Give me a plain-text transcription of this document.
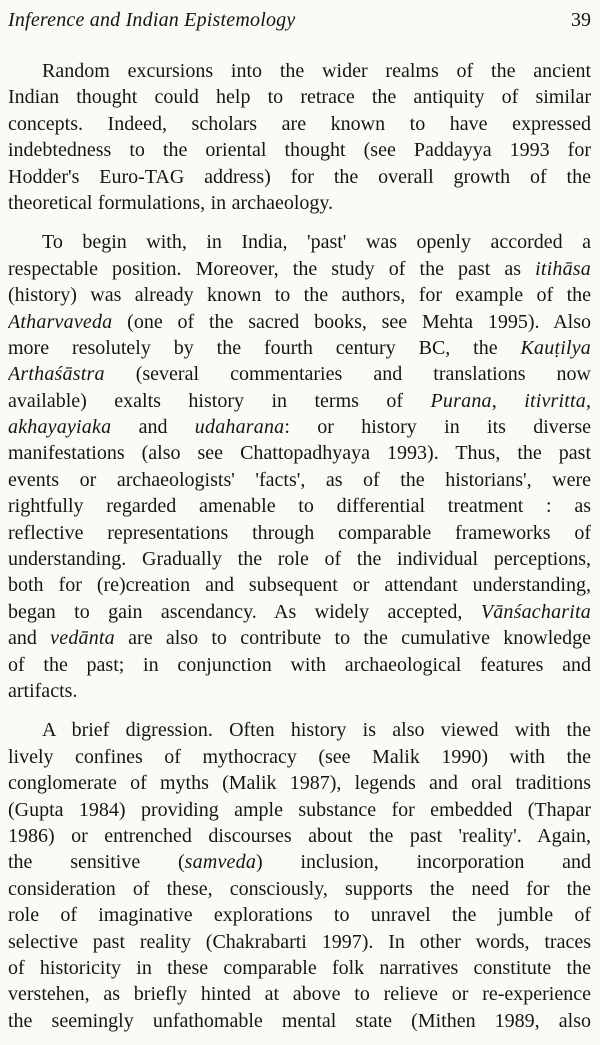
Inference and Indian Epistemology	39
Random excursions into the wider realms of the ancient
Indian thought could help to retrace the antiquity of similar
concepts. Indeed, scholars are known to have expressed
indebtedness to the oriental thought (see Paddayya 1993 for
Hodder's Euro-TAG address) for the overall growth of the
theoretical formulations, in archaeology.
To begin with, in India, 'past' was openly accorded a
respectable position. Moreover, the study of the past as itihāsa
(history) was already known to the authors, for example of the
Atharvaveda (one of the sacred books, see Mehta 1995). Also
more resolutely by the fourth century BC, the Kauṭilya
Arthaśāstra (several commentaries and translations now
available) exalts history in terms of Purana, itivritta,
akhayayiaka and udaharana: or history in its diverse
manifestations (also see Chattopadhyaya 1993). Thus, the past
events or archaeologists' 'facts', as of the historians', were
rightfully regarded amenable to differential treatment : as
reflective representations through comparable frameworks of
understanding. Gradually the role of the individual perceptions,
both for (re)creation and subsequent or attendant understanding,
began to gain ascendancy. As widely accepted, Vānśacharita
and vedānta are also to contribute to the cumulative knowledge
of the past; in conjunction with archaeological features and
artifacts.
A brief digression. Often history is also viewed with the
lively confines of mythocracy (see Malik 1990) with the
conglomerate of myths (Malik 1987), legends and oral traditions
(Gupta 1984) providing ample substance for embedded (Thapar
1986) or entrenched discourses about the past 'reality'. Again,
the sensitive (samveda) inclusion, incorporation and
consideration of these, consciously, supports the need for the
role of imaginative explorations to unravel the jumble of
selective past reality (Chakrabarti 1997). In other words, traces
of historicity in these comparable folk narratives constitute the
verstehen, as briefly hinted at above to relieve or re-experience
the seemingly unfathomable mental state (Mithen 1989, also
